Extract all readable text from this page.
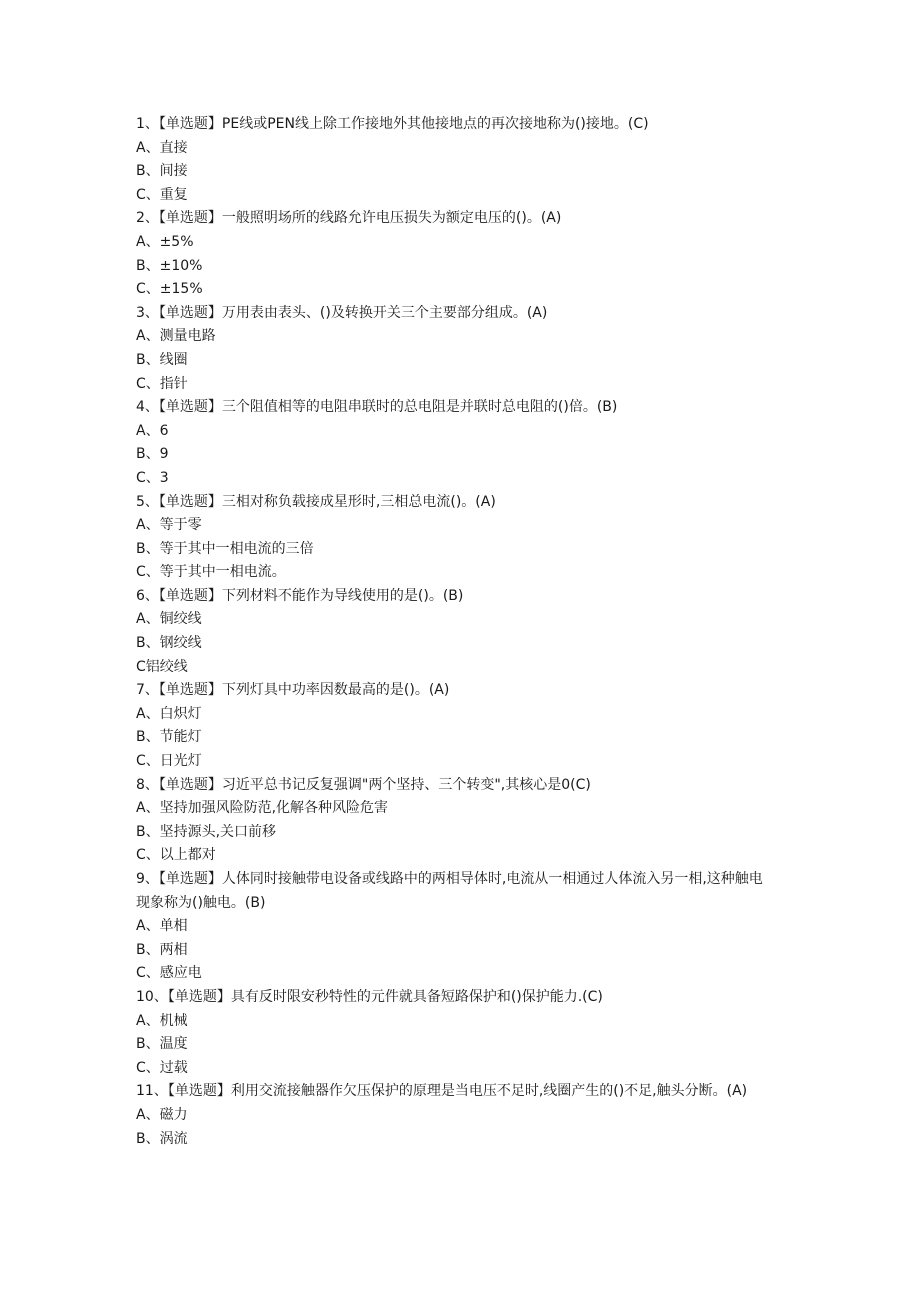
1、【单选题】PE线或PEN线上除工作接地外其他接地点的再次接地称为()接地。(C)
A、直接
B、间接
C、重复
2、【单选题】一般照明场所的线路允许电压损失为额定电压的()。(A)
A、±5%
B、±10%
C、±15%
3、【单选题】万用表由表头、()及转换开关三个主要部分组成。(A)
A、测量电路
B、线圈
C、指针
4、【单选题】三个阻值相等的电阻串联时的总电阻是并联时总电阻的()倍。(B)
A、6
B、9
C、3
5、【单选题】三相对称负载接成星形时,三相总电流()。(A)
A、等于零
B、等于其中一相电流的三倍
C、等于其中一相电流。
6、【单选题】下列材料不能作为导线使用的是()。(B)
A、铜绞线
B、钢绞线
C铝绞线
7、【单选题】下列灯具中功率因数最高的是()。(A)
A、白炽灯
B、节能灯
C、日光灯
8、【单选题】习近平总书记反复强调"两个坚持、三个转变",其核心是0(C)
A、坚持加强风险防范,化解各种风险危害
B、坚持源头,关口前移
C、以上都对
9、【单选题】人体同时接触带电设备或线路中的两相导体时,电流从一相通过人体流入另一相,这种触电现象称为()触电。(B)
A、单相
B、两相
C、感应电
10、【单选题】具有反时限安秒特性的元件就具备短路保护和()保护能力.(C)
A、机械
B、温度
C、过载
11、【单选题】利用交流接触器作欠压保护的原理是当电压不足时,线圈产生的()不足,触头分断。(A)
A、磁力
B、涡流
